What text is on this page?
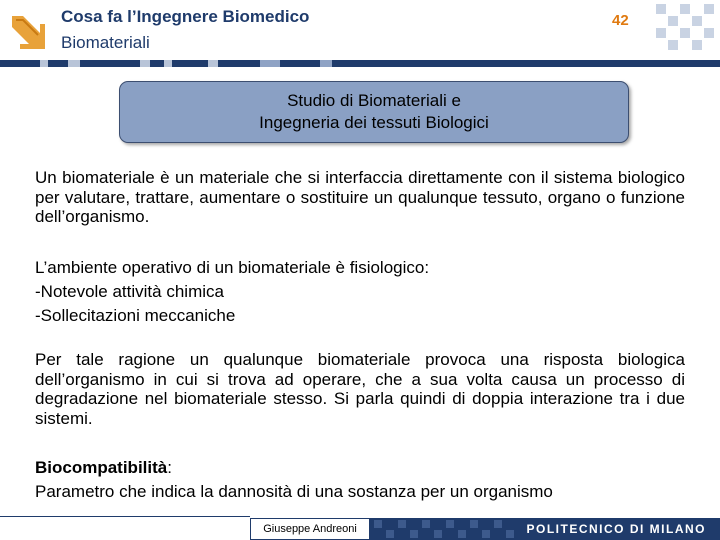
Cosa fa l’Ingegnere Biomedico
Biomateriali
42
Studio di Biomateriali e
Ingegneria dei tessuti Biologici
Un biomateriale è un materiale che si interfaccia direttamente con il sistema biologico per valutare, trattare, aumentare o sostituire un qualunque tessuto, organo o funzione dell’organismo.
L’ambiente operativo di un biomateriale è fisiologico:
-Notevole attività chimica
-Sollecitazioni meccaniche
Per tale ragione un qualunque biomateriale provoca una risposta biologica dell’organismo in cui si trova ad operare, che a sua volta causa un processo di degradazione nel biomateriale stesso. Si parla quindi di doppia interazione tra i due sistemi.
Biocompatibilità:
Parametro che indica la dannosità di una sostanza per un organismo
Giuseppe Andreoni	POLITECNICO DI MILANO
